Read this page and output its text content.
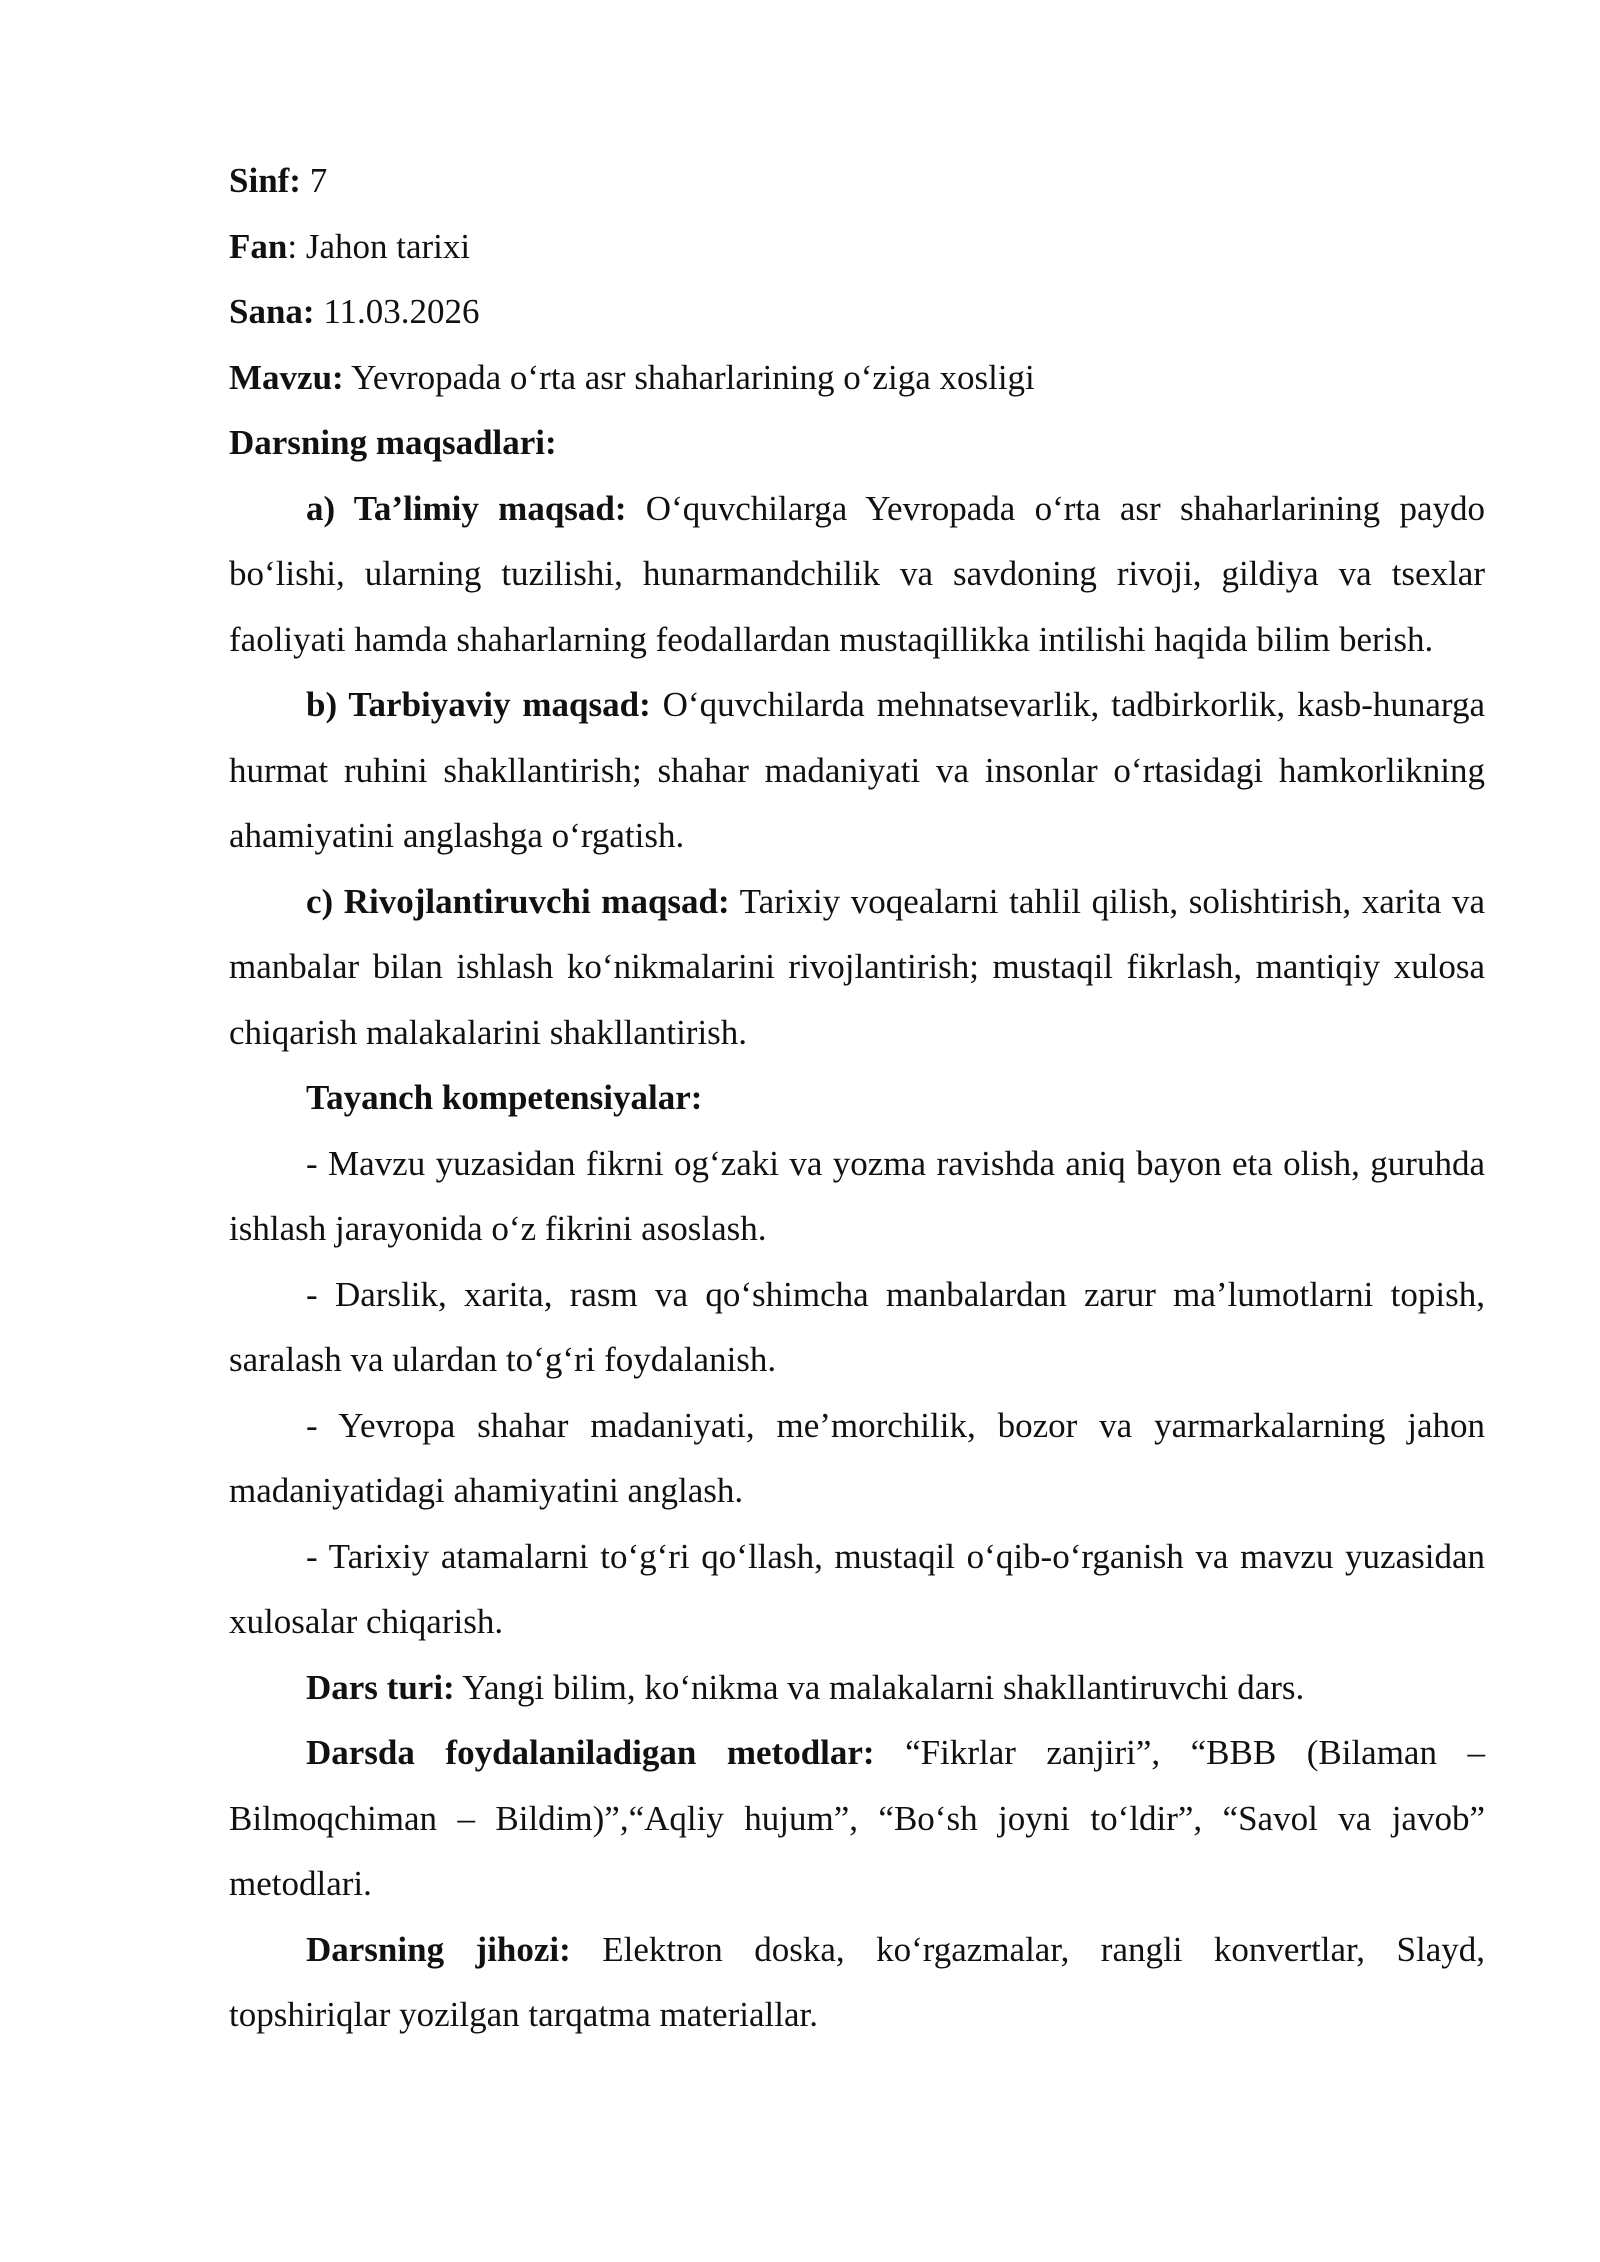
Sinf: 7

Fan: Jahon tarixi

Sana: 11.03.2026

Mavzu: Yevropada o‘rta asr shaharlarining o‘ziga xosligi

Darsning maqsadlari:

a) Ta’limiy maqsad: O‘quvchilarga Yevropada o‘rta asr shaharlarining paydo bo‘lishi, ularning tuzilishi, hunarmandchilik va savdoning rivoji, gildiya va tsexlar faoliyati hamda shaharlarning feodallardan mustaqillikka intilishi haqida bilim berish.

b) Tarbiyaviy maqsad: O‘quvchilarda mehnatsevarlik, tadbirkorlik, kasb-hunarga hurmat ruhini shakllantirish; shahar madaniyati va insonlar o‘rtasidagi hamkorlikning ahamiyatini anglashga o‘rgatish.

c) Rivojlantiruvchi maqsad: Tarixiy voqealarni tahlil qilish, solishtirish, xarita va manbalar bilan ishlash ko‘nikmalarini rivojlantirish; mustaqil fikrlash, mantiqiy xulosa chiqarish malakalarini shakllantirish.

Tayanch kompetensiyalar:

- Mavzu yuzasidan fikrni og‘zaki va yozma ravishda aniq bayon eta olish, guruhda ishlash jarayonida o‘z fikrini asoslash.

- Darslik, xarita, rasm va qo‘shimcha manbalardan zarur ma’lumotlarni topish, saralash va ulardan to‘g‘ri foydalanish.

- Yevropa shahar madaniyati, me’morchilik, bozor va yarmarkalarning jahon madaniyatidagi ahamiyatini anglash.

- Tarixiy atamalarni to‘g‘ri qo‘llash, mustaqil o‘qib-o‘rganish va mavzu yuzasidan xulosalar chiqarish.

Dars turi: Yangi bilim, ko‘nikma va malakalarni shakllantiruvchi dars.

Darsda foydalaniladigan metodlar: “Fikrlar zanjiri”, “BBB (Bilaman – Bilmoqchiman – Bildim)”,“Aqliy hujum”, “Bo‘sh joyni to‘ldir”, “Savol va javob” metodlari.

Darsning jihozi: Elektron doska, ko‘rgazmalar, rangli konvertlar, Slayd, topshiriqlar yozilgan tarqatma materiallar.
